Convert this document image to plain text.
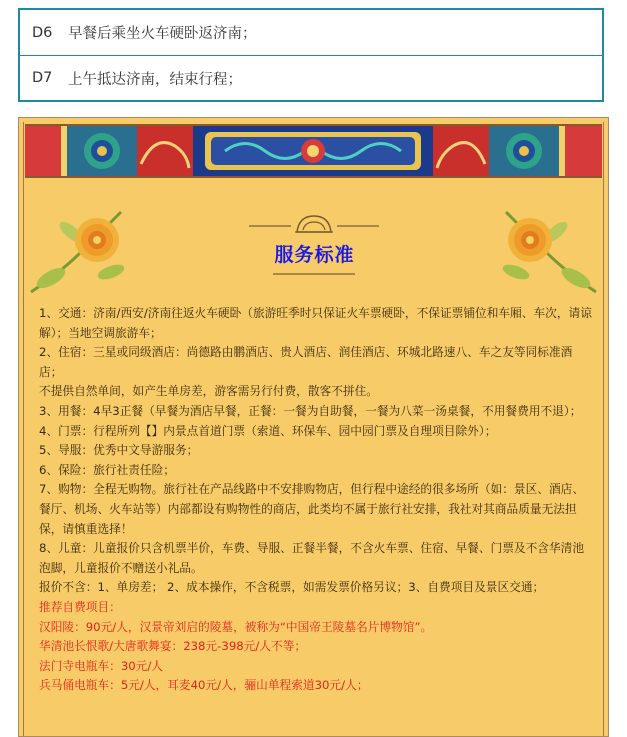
D6	早餐后乘坐火车硬卧返济南；
D7	上午抵达济南，结束行程；
服务标准

1、交通：济南/西安/济南往返火车硬卧（旅游旺季时只保证火车票硬卧，不保证票铺位和车厢、车次，请谅解）；当地空调旅游车；

2、住宿：三星或同级酒店：尚德路由鹏酒店、贵人酒店、润佳酒店、环城北路速八、车之友等同标准酒店；

不提供自然单间，如产生单房差，游客需另行付费，散客不拼住。

3、用餐：4早3正餐（早餐为酒店早餐，正餐：一餐为自助餐，一餐为八菜一汤桌餐，不用餐费用不退）；

4、门票：行程所列【】内景点首道门票（索道、环保车、园中园门票及自理项目除外）；

5、导服：优秀中文导游服务；

6、保险：旅行社责任险；

7、购物：全程无购物。旅行社在产品线路中不安排购物店，但行程中途经的很多场所（如：景区、酒店、餐厅、机场、火车站等）内部都设有购物性的商店，此类均不属于旅行社安排，我社对其商品质量无法担保，请慎重选择！

8、儿童：儿童报价只含机票半价，车费、导服、正餐半餐，不含火车票、住宿、早餐、门票及不含华清池泡脚，儿童报价不赠送小礼品。

报价不含：1、单房差； 2、成本操作，不含税票，如需发票价格另议；3、自费项目及景区交通；

推荐自费项目：

汉阳陵：90元/人，汉景帝刘启的陵墓，被称为“中国帝王陵墓名片博物馆”。

华清池长恨歌/大唐歌舞宴：238元-398元/人不等；

法门寺电瓶车：30元/人

兵马俑电瓶车：5元/人，耳麦40元/人，骊山单程索道30元/人；
